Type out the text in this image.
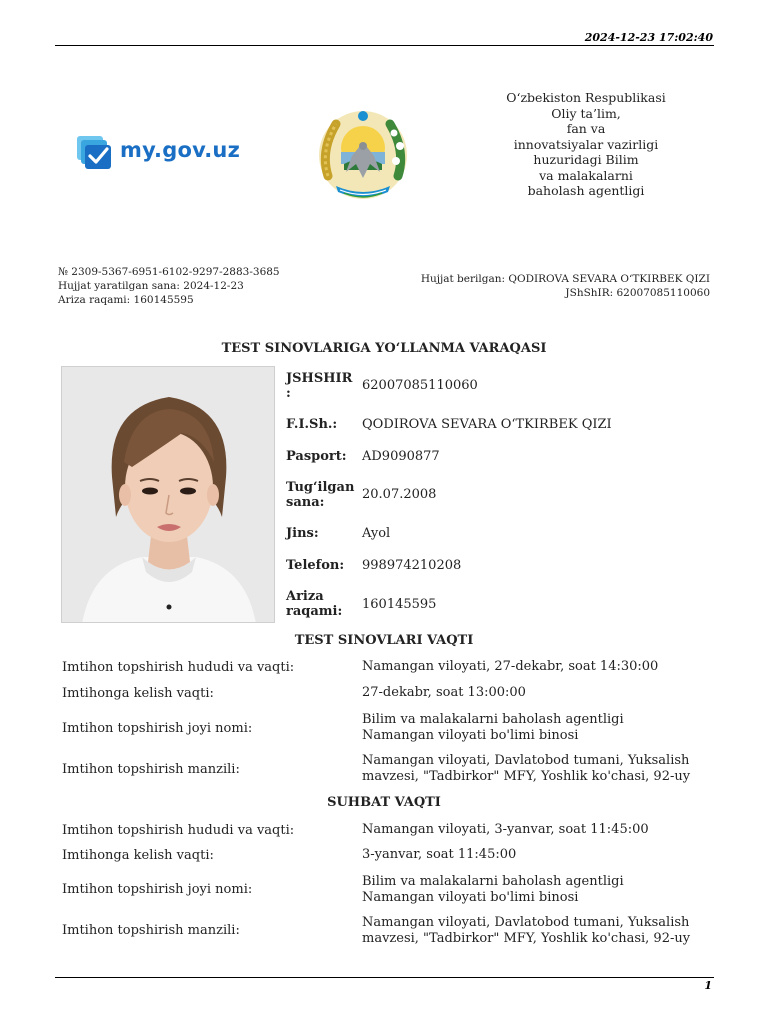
2024-12-23 17:02:40
my.gov.uz
O‘zbekiston Respublikasi
Oliy ta’lim,
fan va
innovatsiyalar vazirligi
huzuridagi Bilim
va malakalarni
baholash agentligi
№ 2309-5367-6951-6102-9297-2883-3685
Hujjat yaratilgan sana: 2024-12-23
Ariza raqami: 160145595
Hujjat berilgan: QODIROVA SEVARA O‘TKIRBEK QIZI
JShShIR: 62007085110060
TEST SINOVLARIGA YO‘LLANMA VARAQASI
JSHSHIR :
62007085110060
F.I.Sh.:	QODIROVA SEVARA O‘TKIRBEK QIZI
Pasport:	AD9090877
Tug‘ilgan sana:
20.07.2008
Jins:	Ayol
Telefon:	998974210208
Ariza raqami:	160145595
TEST SINOVLARI VAQTI
Imtihon topshirish hududi va vaqti:	Namangan viloyati, 27-dekabr, soat 14:30:00
Imtihonga kelish vaqti:	27-dekabr, soat 13:00:00
Imtihon topshirish joyi nomi:
Bilim va malakalarni baholash agentligi Namangan viloyati bo'limi binosi
Imtihon topshirish manzili:
Namangan viloyati, Davlatobod tumani, Yuksalish mavzesi, "Tadbirkor" MFY, Yoshlik ko'chasi, 92-uy
SUHBAT VAQTI
Imtihon topshirish hududi va vaqti:	Namangan viloyati, 3-yanvar, soat 11:45:00
Imtihonga kelish vaqti:	3-yanvar, soat 11:45:00
Imtihon topshirish joyi nomi:
Bilim va malakalarni baholash agentligi Namangan viloyati bo'limi binosi
Imtihon topshirish manzili:
Namangan viloyati, Davlatobod tumani, Yuksalish mavzesi, "Tadbirkor" MFY, Yoshlik ko'chasi, 92-uy
1
